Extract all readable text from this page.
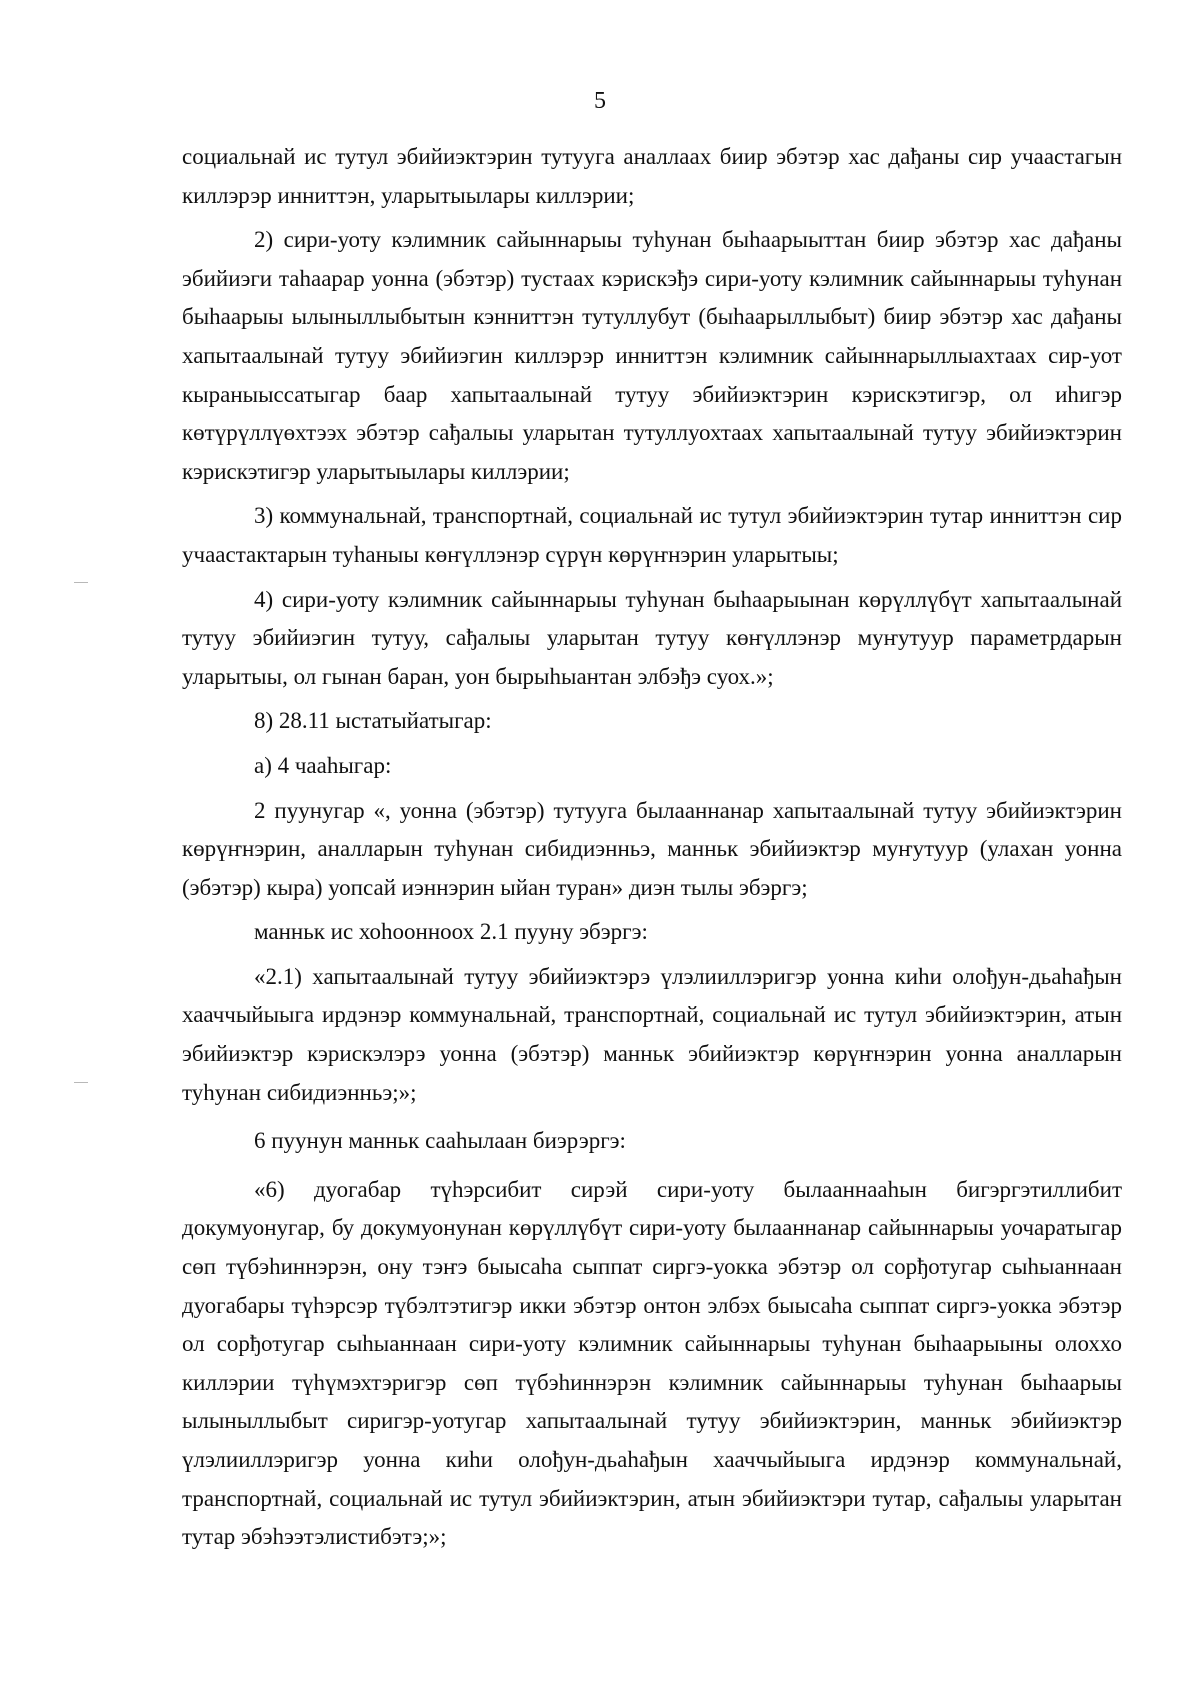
5

социальнай ис тутул эбийиэктэрин тутууга аналлаах биир эбэтэр хас дађаны сир учаастагын киллэрэр инниттэн, уларытыылары киллэрии;

2) сири-уоту кэлимник сайыннарыы туһунан быһаарыыттан биир эбэтэр хас дађаны эбийиэги таһаарар уонна (эбэтэр) тустаах кэрискэђэ сири-уоту кэлимник сайыннарыы туһунан быһаарыы ылыныллыбытын кэнниттэн тутуллубут (быһаарыллыбыт) биир эбэтэр хас дађаны хапытаалынай тутуу эбийиэгин киллэрэр инниттэн кэлимник сайыннарыллыахтаах сир-уот кыраныыссатыгар баар хапытаалынай тутуу эбийиэктэрин кэрискэтигэр, ол иһигэр көтүрүллүөхтээх эбэтэр сађалыы уларытан тутуллуохтаах хапытаалынай тутуу эбийиэктэрин кэрискэтигэр уларытыылары киллэрии;

3) коммунальнай, транспортнай, социальнай ис тутул эбийиэктэрин тутар инниттэн сир учаастактарын туһаныы көҥүллэнэр сүрүн көрүҥнэрин уларытыы;

4) сири-уоту кэлимник сайыннарыы туһунан быһаарыынан көрүллүбүт хапытаалынай тутуу эбийиэгин тутуу, сађалыы уларытан тутуу көҥүллэнэр муҥутуур параметрдарын уларытыы, ол гынан баран, уон бырыһыантан элбэђэ суох.»;

8) 28.11 ыстатыйатыгар:

а) 4 чааһыгар:

2 пуунугар «, уонна (эбэтэр) тутууга былааннанар хапытаалынай тутуу эбийиэктэрин көрүҥнэрин, аналларын туһунан сибидиэнньэ, манньк эбийиэктэр муҥутуур (улахан уонна (эбэтэр) кыра) уопсай иэннэрин ыйан туран» диэн тылы эбэргэ;

манньк ис хоһоонноох 2.1 пууну эбэргэ:

«2.1) хапытаалынай тутуу эбийиэктэрэ үлэлииллэригэр уонна киһи олођун-дьаһађын хааччыйыыга ирдэнэр коммунальнай, транспортнай, социальнай ис тутул эбийиэктэрин, атын эбийиэктэр кэрискэлэрэ уонна (эбэтэр) манньк эбийиэктэр көрүҥнэрин уонна аналларын туһунан сибидиэнньэ;»;

6 пуунун манньк сааһылаан биэрэргэ:

«6) дуогабар түһэрсибит сирэй сири-уоту былааннааһын бигэргэтиллибит докумуонугар, бу докумуонунан көрүллүбүт сири-уоту былааннанар сайыннарыы уочаратыгар сөп түбэһиннэрэн, ону тэҥэ быысаһа сыппат сиргэ-уокка эбэтэр ол сорђотугар сыһыаннаан дуогабары түһэрсэр түбэлтэтигэр икки эбэтэр онтон элбэх быысаһа сыппат сиргэ-уокка эбэтэр ол сорђотугар сыһыаннаан сири-уоту кэлимник сайыннарыы туһунан быһаарыыны олоххо киллэрии түһүмэхтэригэр сөп түбэһиннэрэн кэлимник сайыннарыы туһунан быһаарыы ылыныллыбыт сиригэр-уотугар хапытаалынай тутуу эбийиэктэрин, манньк эбийиэктэр үлэлииллэригэр уонна киһи олођун-дьаһађын хааччыйыыга ирдэнэр коммунальнай, транспортнай, социальнай ис тутул эбийиэктэрин, атын эбийиэктэри тутар, сађалыы уларытан тутар эбэһээтэлистибэтэ;»;
